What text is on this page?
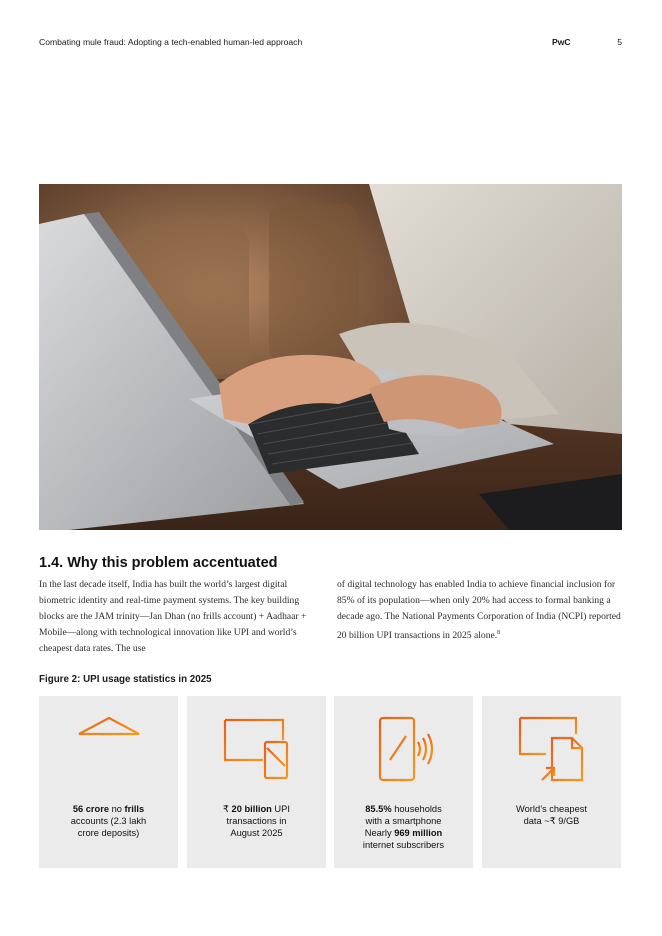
Combating mule fraud: Adopting a tech-enabled human-led approach	PwC	5
1.4. Why this problem accentuated

In the last decade itself, India has built the world’s largest digital biometric identity and real-time payment systems. The key building blocks are the JAM trinity—Jan Dhan (no frills account) + Aadhaar + Mobile—along with technological innovation like UPI and world’s cheapest data rates. The use

of digital technology has enabled India to achieve financial inclusion for 85% of its population—when only 20% had access to formal banking a decade ago. The National Payments Corporation of India (NCPI) reported 20 billion UPI transactions in 2025 alone.$^8$

Figure 2: UPI usage statistics in 2025

56 crore no frills
accounts (2.3 lakh
crore deposits)
₹ 20 billion UPI
transactions in
August 2025
85.5% households
with a smartphone
Nearly 969 million
internet subscribers
World’s cheapest
data ~₹ 9/GB
